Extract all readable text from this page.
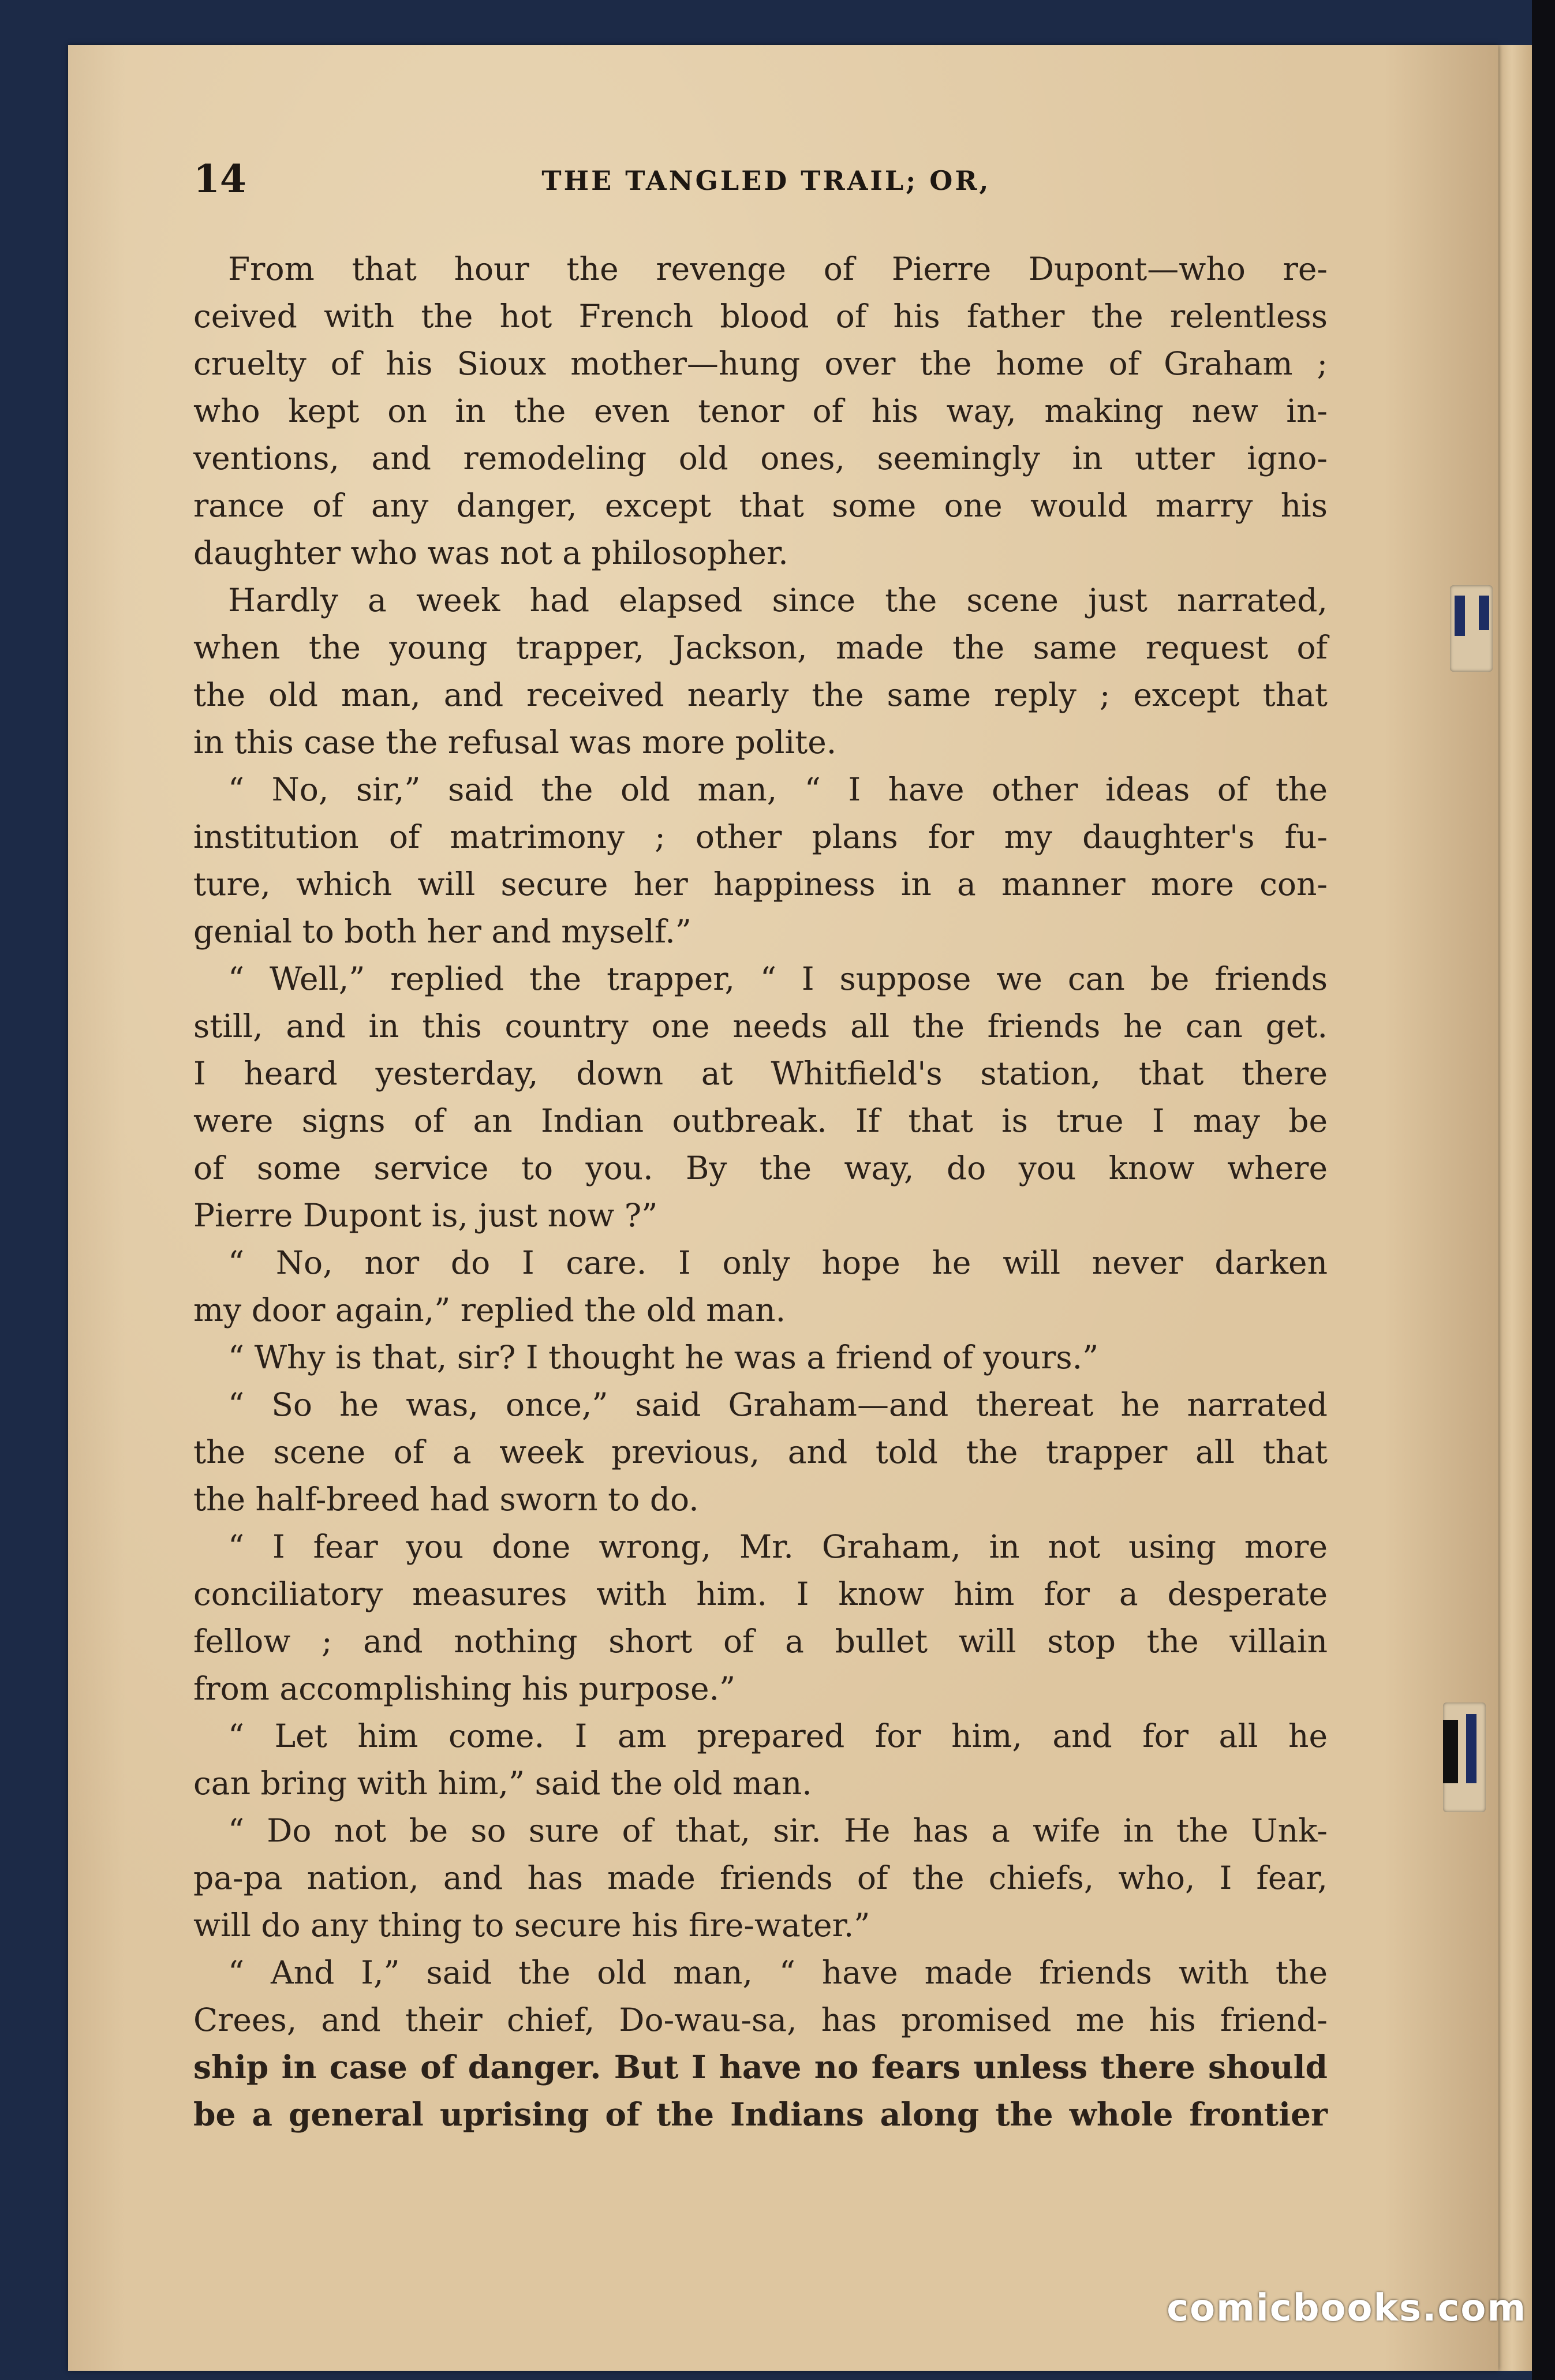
14	THE TANGLED TRAIL; OR,
From that hour the revenge of Pierre Dupont—who re-
ceived with the hot French blood of his father the relentless
cruelty of his Sioux mother—hung over the home of Graham ;
who kept on in the even tenor of his way, making new in-
ventions, and remodeling old ones, seemingly in utter igno-
rance of any danger, except that some one would marry his
daughter who was not a philosopher.
Hardly a week had elapsed since the scene just narrated,
when the young trapper, Jackson, made the same request of
the old man, and received nearly the same reply ; except that
in this case the refusal was more polite.
“ No, sir,” said the old man, “ I have other ideas of the
institution of matrimony ; other plans for my daughter's fu-
ture, which will secure her happiness in a manner more con-
genial to both her and myself.”
“ Well,” replied the trapper, “ I suppose we can be friends
still, and in this country one needs all the friends he can get.
I heard yesterday, down at Whitfield's station, that there
were signs of an Indian outbreak. If that is true I may be
of some service to you. By the way, do you know where
Pierre Dupont is, just now ?”
“ No, nor do I care. I only hope he will never darken
my door again,” replied the old man.
“ Why is that, sir? I thought he was a friend of yours.”
“ So he was, once,” said Graham—and thereat he narrated
the scene of a week previous, and told the trapper all that
the half-breed had sworn to do.
“ I fear you done wrong, Mr. Graham, in not using more
conciliatory measures with him. I know him for a desperate
fellow ; and nothing short of a bullet will stop the villain
from accomplishing his purpose.”
“ Let him come. I am prepared for him, and for all he
can bring with him,” said the old man.
“ Do not be so sure of that, sir. He has a wife in the Unk-
pa-pa nation, and has made friends of the chiefs, who, I fear,
will do any thing to secure his fire-water.”
“ And I,” said the old man, “ have made friends with the
Crees, and their chief, Do-wau-sa, has promised me his friend-
ship in case of danger. But I have no fears unless there should
be a general uprising of the Indians along the whole frontier
comicbooks.com
